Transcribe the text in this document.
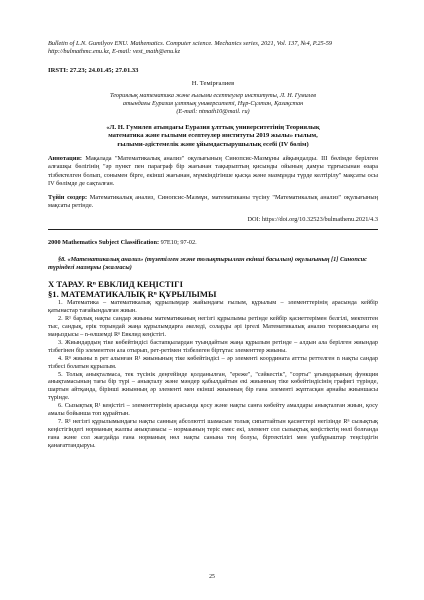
Bulletin of L.N. Gumilyov ENU. Mathematics. Computer science. Mechanics series, 2021, Vol. 137, №4, P.25-59
http://bulmathmc.enu.kz, E-mail: vest_math@enu.kz
IRSTI: 27.23; 24.01.45; 27.01.33
Н. Темірғалиев
Теориялық математика және ғылыми есептеулер институты, Л. Н. Гумилев
атындағы Еуразия ұлттық университеті, Нұр-Сұлтан, Қазақстан
(E-mail: ntmath10@mail. ru)
«Л. Н. Гумилев атындағы Еуразия ұлттық университетінің Теориялық
математика және ғылыми есептеулер институты 2019 жылы» ғылым,
ғылыми-әдістемелік және ұйымдастырушылық есебі (IV бөлім)
Аннотация: Мақалада "Математикалық анализ" оқулығының Синопсис-Мазмұны айқындалды. III бөлімде берілген алғашқы бөлігінің "әр пункт пен параграф бір жағынан тақырыптың қисынды ойының дамуы тұрғысынан өзара тізбектелген болып, сонымен бірге, екінші жағынан, мүмкіндігінше қысқа және мазмұнды түрде келтірілу" мақсаты осы IV бөлімде де сақталған.
Түйін сөздер: Математикалық анализ, Синопсис-Мазмұн, математиканы түсіну "Математикалық анализ" оқулығының мақсаты ретінде.
DOI: https://doi.org/10.32523/bulmathenu.2021/4.3
2000 Mathematics Subject Classification: 97E10; 97-02.
§8. «Математикалық анализ» (түзетілген және толықтырылған екінші басылым) оқулығының [1] Синопсис түріндегі мазмұны (жалғасы)
Х ТАРАУ. Rⁿ ЕВКЛИД КЕҢІСТІГІ
§1. МАТЕМАТИКАЛЫҚ Rⁿ ҚҰРЫЛЫМЫ

1. Математика – математикалық құрылымдар жайындағы ғылым, құрылым – элементтерінің арасында кейбір қатынастар тағайындалған жиын.

2. R¹ барлық нақты сандар жиыны математиканың негізгі құрылымы ретінде кейбір қасиеттерімен белгілі, мектептен тыс, сандық, ерік торындай жаңа құрылымдарға әкеледі, соларды әрі іргелі Математикалық анализ теориясындағы ең маңыздысы – n-өлшемді Rⁿ Евклид кеңістігі.

3. Жиындардың тіке көбейтіндісі бастапқылардан туындайтын жаңа құрылым ретінде – алдын ала берілген жиындар тізбегінен бір элементтен ала отырып, рет-ретімен тізбелеген біртұтас элементтер жиыны.

4. Rⁿ жиыны n рет алынған R¹ жиынының тіке көбейтіндісі – әр элементі координата аттты реттелген n нақты сандар тізбесі болатын құрылым.

5. Толық анықталмаса, тек түсінік деңгейінде қолданылған, "ереже", "сәйкестік", "сорты" ұғымдарының функция анықтамасының тағы бір түрі – анықталу және мәндер қабылдайтын екі жиынның тіке көбейтіндісінің графигі түрінде, шартын айтқанда, бірінші жиынның әр элементі мен екінші жиынның бір ғана элементі жұптасқан арнайы жиыншасы түрінде.

6. Сызықтық R¹ кеңістігі – элементтерінің арасында қосу және нақты санға көбейту амалдары анықталған жиын, қосу амалы бойынша топ құрайтын.

7. R¹ негізгі құрылымындағы нақты санның абсолютті шамасын толық сипаттайтын қасиеттері негізінде Rⁿ сызықтық кеңістігіндегі норманың жалпы анықтамасы – нормаының теріс емес екі, элемент сол сызықтық кеңістіктің нөлі болғанда ғана және сол жағдайда ғана норманың нөл нақты санына тең болуы, біртектілігі мен үшбұрыштар теңсіздігін қанағаттандыруы.

25
